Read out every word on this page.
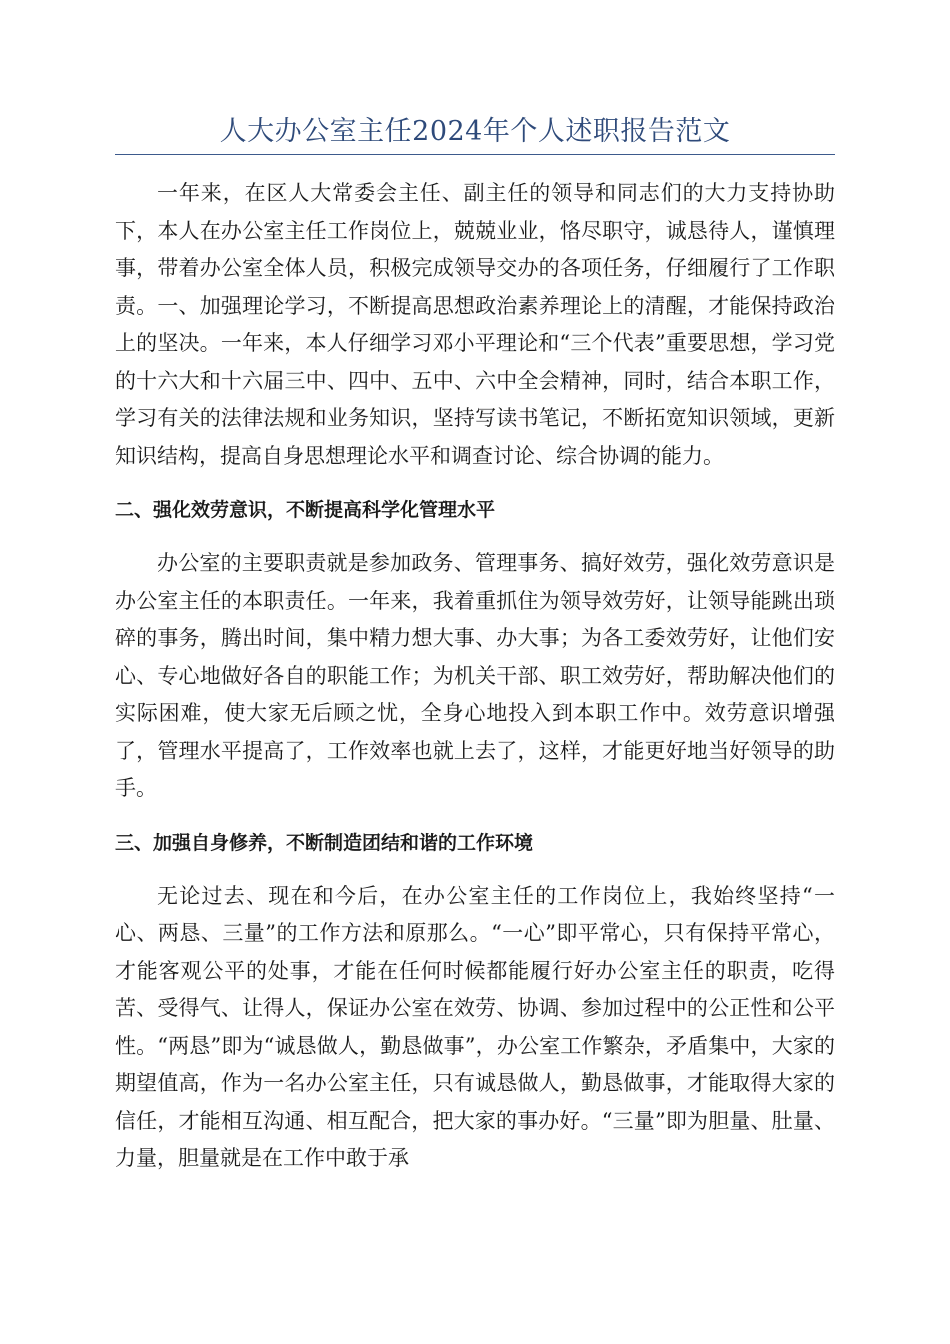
人大办公室主任2024年个人述职报告范文

一年来，在区人大常委会主任、副主任的领导和同志们的大力支持协助下，本人在办公室主任工作岗位上，兢兢业业，恪尽职守，诚恳待人，谨慎理事，带着办公室全体人员，积极完成领导交办的各项任务，仔细履行了工作职责。一、加强理论学习，不断提高思想政治素养理论上的清醒，才能保持政治上的坚决。一年来，本人仔细学习邓小平理论和“三个代表”重要思想，学习党的十六大和十六届三中、四中、五中、六中全会精神，同时，结合本职工作，学习有关的法律法规和业务知识，坚持写读书笔记，不断拓宽知识领域，更新知识结构，提高自身思想理论水平和调查讨论、综合协调的能力。

二、强化效劳意识，不断提高科学化管理水平

办公室的主要职责就是参加政务、管理事务、搞好效劳，强化效劳意识是办公室主任的本职责任。一年来，我着重抓住为领导效劳好，让领导能跳出琐碎的事务，腾出时间，集中精力想大事、办大事；为各工委效劳好，让他们安心、专心地做好各自的职能工作；为机关干部、职工效劳好，帮助解决他们的实际困难，使大家无后顾之忧，全身心地投入到本职工作中。效劳意识增强了，管理水平提高了，工作效率也就上去了，这样，才能更好地当好领导的助手。

三、加强自身修养，不断制造团结和谐的工作环境

无论过去、现在和今后，在办公室主任的工作岗位上，我始终坚持“一心、两恳、三量”的工作方法和原那么。“一心”即平常心，只有保持平常心，才能客观公平的处事，才能在任何时候都能履行好办公室主任的职责，吃得苦、受得气、让得人，保证办公室在效劳、协调、参加过程中的公正性和公平性。“两恳”即为“诚恳做人，勤恳做事”，办公室工作繁杂，矛盾集中，大家的期望值高，作为一名办公室主任，只有诚恳做人，勤恳做事，才能取得大家的信任，才能相互沟通、相互配合，把大家的事办好。“三量”即为胆量、肚量、力量，胆量就是在工作中敢于承
